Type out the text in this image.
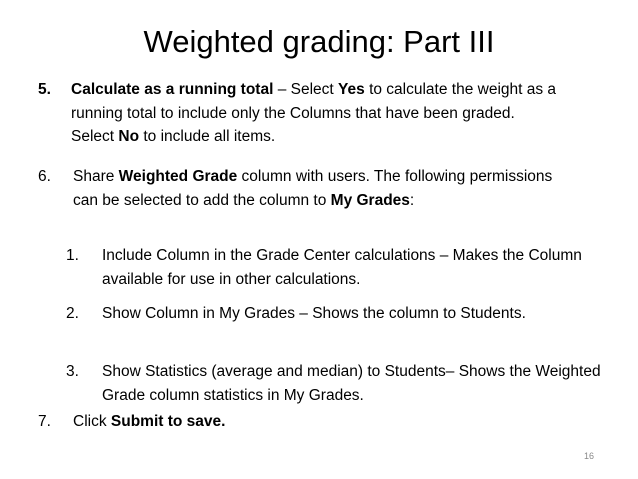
Weighted grading: Part III
5.	Calculate as a running total – Select Yes to calculate the weight as a running total to include only the Columns that have been graded. Select No to include all items.
6.	Share Weighted Grade column with users. The following permissions can be selected to add the column to My Grades:
1.	Include Column in the Grade Center calculations – Makes the Column available for use in other calculations.
2.	Show Column in My Grades – Shows the column to Students.
3.	Show Statistics (average and median) to Students– Shows the Weighted Grade column statistics in My Grades.
7.	Click Submit to save.
16
